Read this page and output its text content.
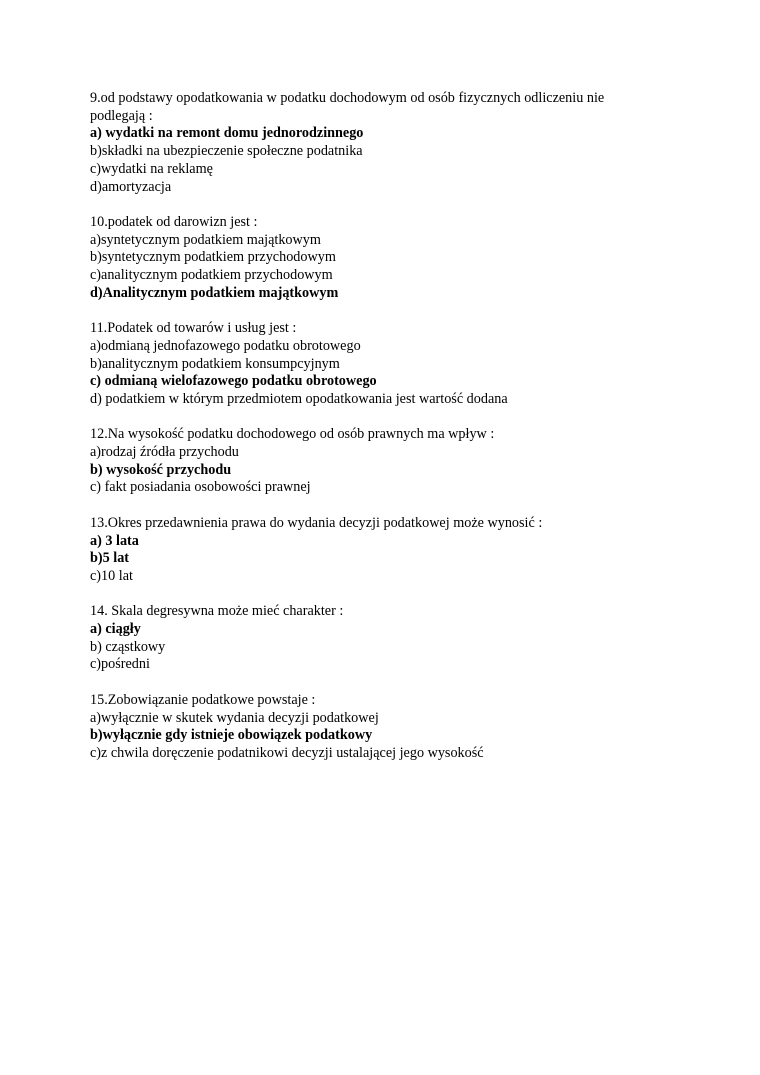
9.od podstawy opodatkowania w podatku dochodowym od osób fizycznych odliczeniu nie podlegają :
a) wydatki na remont domu jednorodzinnego
b)składki na ubezpieczenie społeczne podatnika
c)wydatki na reklamę
d)amortyzacja
10.podatek od darowizn jest :
a)syntetycznym podatkiem majątkowym
b)syntetycznym podatkiem przychodowym
c)analitycznym podatkiem przychodowym
d)Analitycznym podatkiem majątkowym
11.Podatek od towarów i usług jest :
a)odmianą jednofazowego podatku obrotowego
b)analitycznym podatkiem konsumpcyjnym
c) odmianą wielofazowego podatku obrotowego
d) podatkiem w którym przedmiotem opodatkowania jest wartość dodana
12.Na wysokość podatku dochodowego od osób prawnych ma wpływ :
a)rodzaj źródła przychodu
b) wysokość przychodu
c) fakt posiadania osobowości prawnej
13.Okres przedawnienia prawa do wydania decyzji podatkowej może wynosić :
a) 3 lata
b)5 lat
c)10 lat
14. Skala degresywna może mieć charakter :
a) ciągły
b) cząstkowy
c)pośredni
15.Zobowiązanie podatkowe powstaje :
a)wyłącznie w skutek wydania decyzji podatkowej
b)wyłącznie gdy istnieje obowiązek podatkowy
c)z chwila doręczenie podatnikowi decyzji ustalającej jego wysokość
